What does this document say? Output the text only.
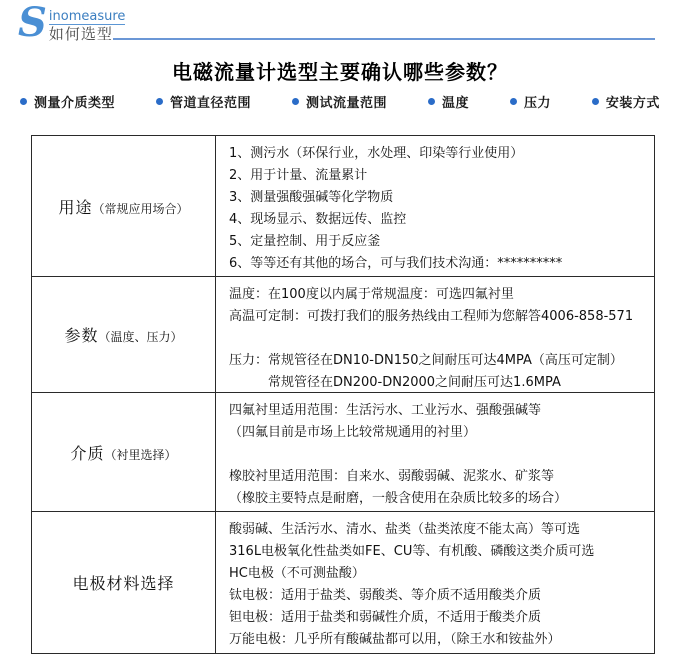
S inomeasure
如何选型
电磁流量计选型主要确认哪些参数？
测量介质类型	管道直径范围	测试流量范围	温度	压力	安装方式
用途（常规应用场合）
1、测污水（环保行业，水处理、印染等行业使用）
2、用于计量、流量累计
3、测量强酸强碱等化学物质
4、现场显示、数据远传、监控
5、定量控制、用于反应釜
6、等等还有其他的场合，可与我们技术沟通：**********
参数（温度、压力）
温度：在100度以内属于常规温度：可选四氟衬里
高温可定制：可拨打我们的服务热线由工程师为您解答4006-858-571
压力：常规管径在DN10-DN150之间耐压可达4MPA（高压可定制）
　　　常规管径在DN200-DN2000之间耐压可达1.6MPA
介质（衬里选择）
四氟衬里适用范围：生活污水、工业污水、强酸强碱等
（四氟目前是市场上比较常规通用的衬里）
橡胶衬里适用范围：自来水、弱酸弱碱、泥浆水、矿浆等
（橡胶主要特点是耐磨，一般含使用在杂质比较多的场合）
电极材料选择
酸弱碱、生活污水、清水、盐类（盐类浓度不能太高）等可选
316L电极氧化性盐类如FE、CU等、有机酸、磷酸这类介质可选
HC电极（不可测盐酸）
钛电极：适用于盐类、弱酸类、等介质不适用酸类介质
钽电极：适用于盐类和弱碱性介质，不适用于酸类介质
万能电极：几乎所有酸碱盐都可以用，（除王水和铵盐外）
